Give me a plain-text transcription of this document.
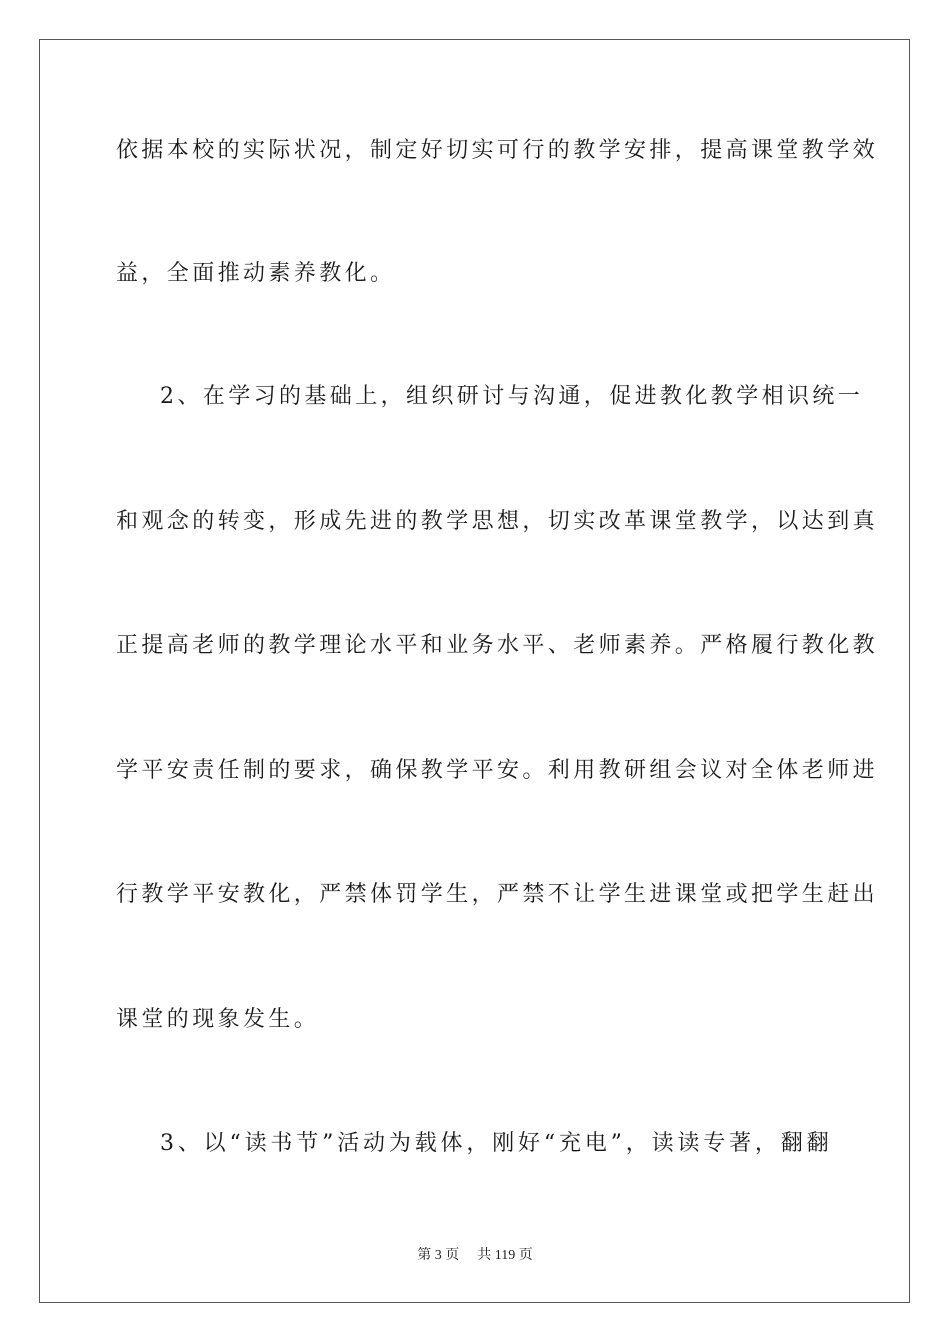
依据本校的实际状况，制定好切实可行的教学安排，提高课堂教学效
益，全面推动素养教化。
2、在学习的基础上，组织研讨与沟通，促进教化教学相识统一
和观念的转变，形成先进的教学思想，切实改革课堂教学，以达到真
正提高老师的教学理论水平和业务水平、老师素养。严格履行教化教
学平安责任制的要求，确保教学平安。利用教研组会议对全体老师进
行教学平安教化，严禁体罚学生，严禁不让学生进课堂或把学生赶出
课堂的现象发生。
3、以“读书节”活动为载体，刚好“充电”，读读专著，翻翻
第 3 页 共 119 页
